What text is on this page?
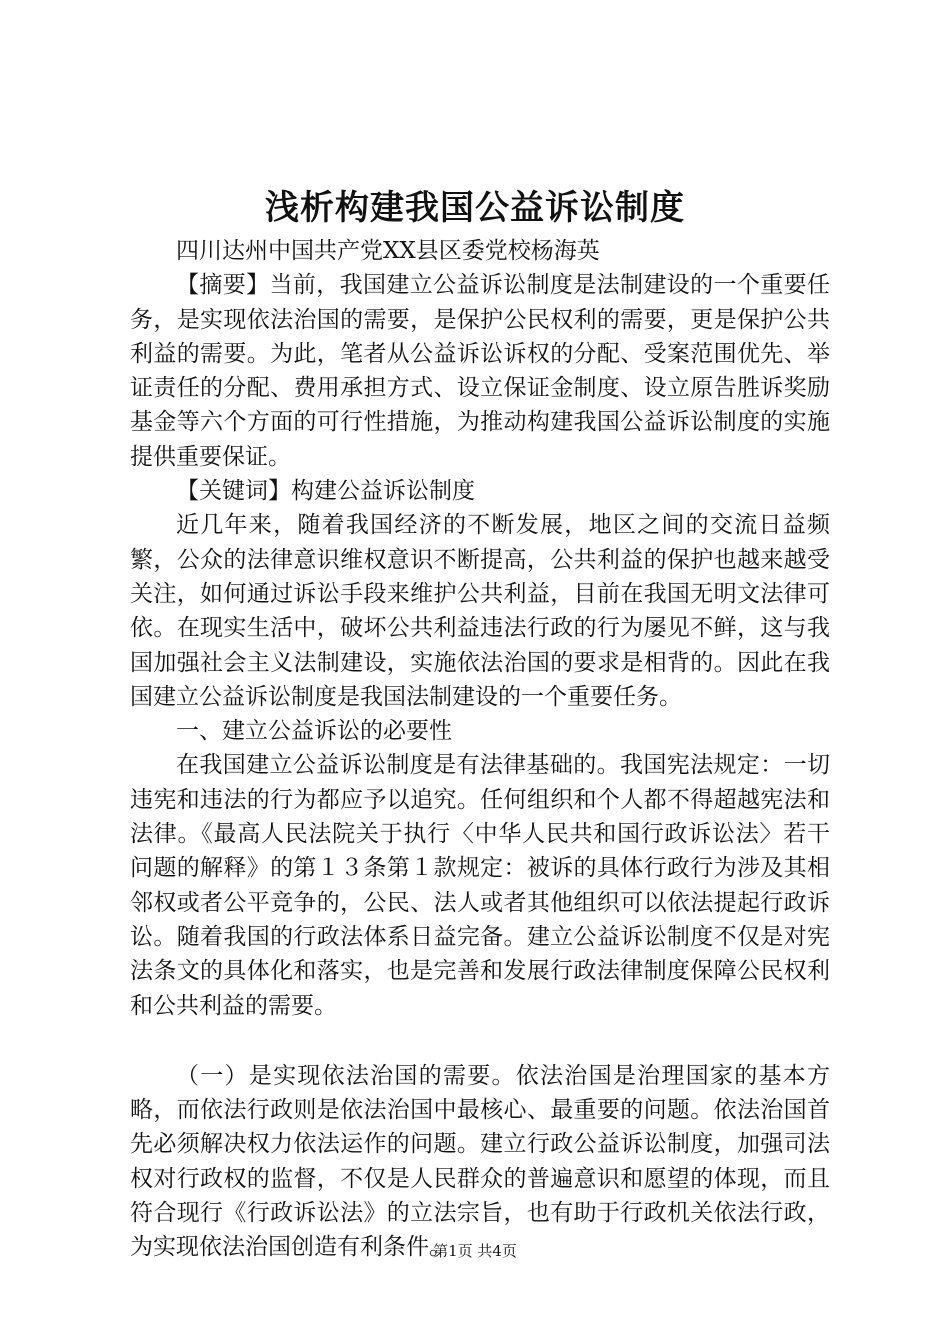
浅析构建我国公益诉讼制度

四川达州中国共产党XX县区委党校杨海英

【摘要】当前，我国建立公益诉讼制度是法制建设的一个重要任务，是实现依法治国的需要，是保护公民权利的需要，更是保护公共利益的需要。为此，笔者从公益诉讼诉权的分配、受案范围优先、举证责任的分配、费用承担方式、设立保证金制度、设立原告胜诉奖励基金等六个方面的可行性措施，为推动构建我国公益诉讼制度的实施提供重要保证。

【关键词】构建公益诉讼制度

近几年来，随着我国经济的不断发展，地区之间的交流日益频繁，公众的法律意识维权意识不断提高，公共利益的保护也越来越受关注，如何通过诉讼手段来维护公共利益，目前在我国无明文法律可依。在现实生活中，破坏公共利益违法行政的行为屡见不鲜，这与我国加强社会主义法制建设，实施依法治国的要求是相背的。因此在我国建立公益诉讼制度是我国法制建设的一个重要任务。

一、建立公益诉讼的必要性

在我国建立公益诉讼制度是有法律基础的。我国宪法规定：一切违宪和违法的行为都应予以追究。任何组织和个人都不得超越宪法和法律。《最高人民法院关于执行〈中华人民共和国行政诉讼法〉若干问题的解释》的第１３条第１款规定：被诉的具体行政行为涉及其相邻权或者公平竞争的，公民、法人或者其他组织可以依法提起行政诉讼。随着我国的行政法体系日益完备。建立公益诉讼制度不仅是对宪法条文的具体化和落实，也是完善和发展行政法律制度保障公民权利和公共利益的需要。

（一）是实现依法治国的需要。依法治国是治理国家的基本方略，而依法行政则是依法治国中最核心、最重要的问题。依法治国首先必须解决权力依法运作的问题。建立行政公益诉讼制度，加强司法权对行政权的监督，不仅是人民群众的普遍意识和愿望的体现，而且符合现行《行政诉讼法》的立法宗旨，也有助于行政机关依法行政，为实现依法治国创造有利条件。

第1页 共4页
